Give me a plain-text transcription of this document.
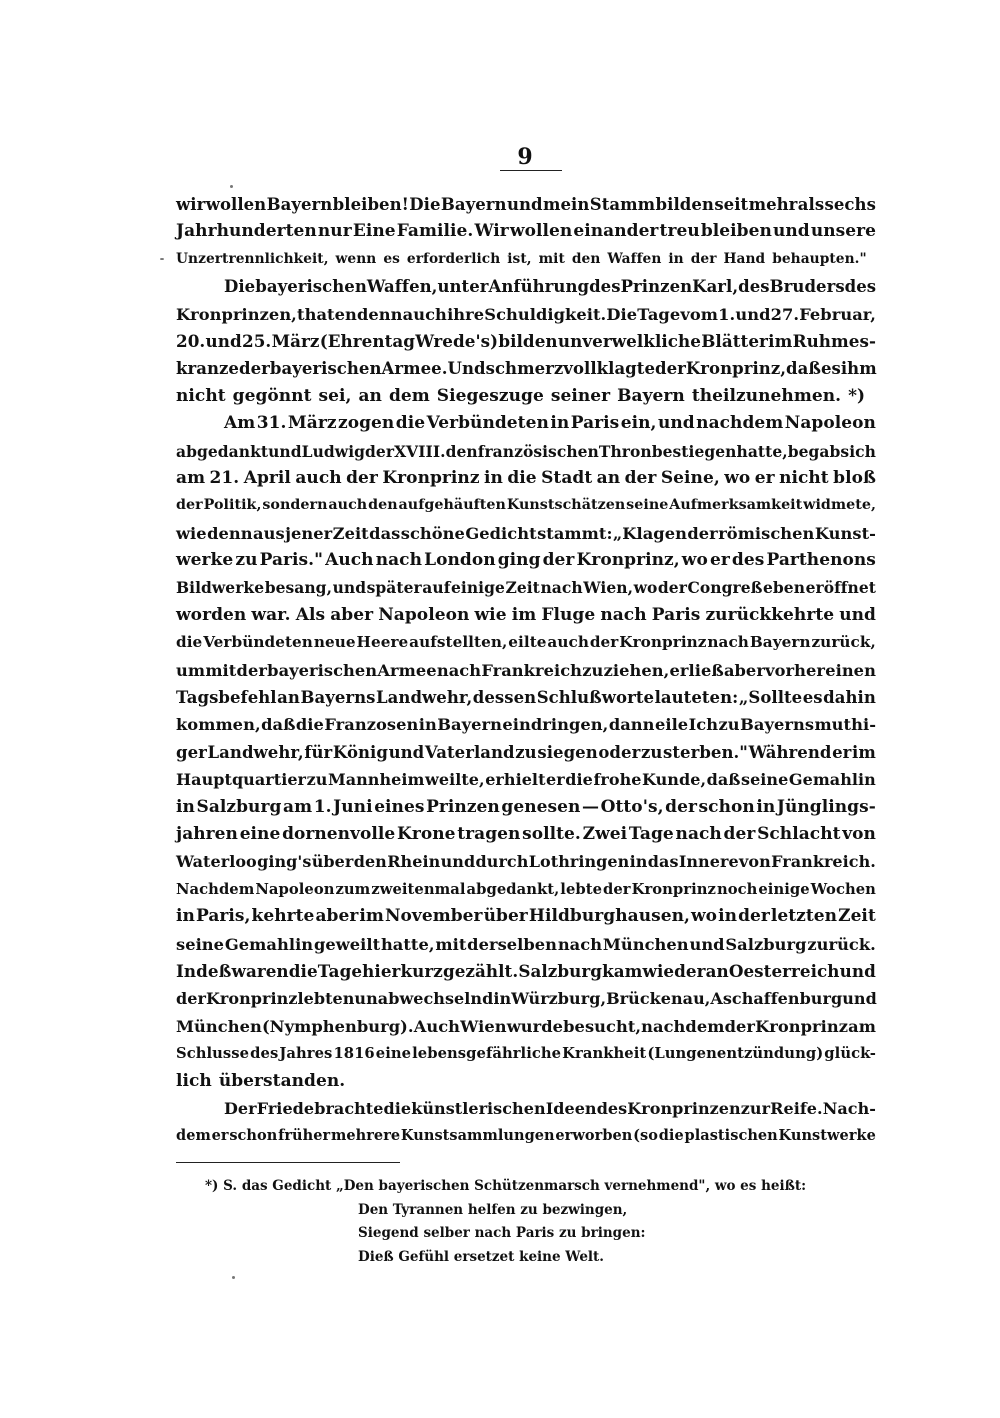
9
wir wollen Bayern bleiben! Die Bayern und mein Stamm bilden seit mehr als sechs
Jahrhunderten nur Eine Familie. Wir wollen einander treu bleiben und unsere
Unzertrennlichkeit, wenn es erforderlich ist, mit den Waffen in der Hand behaupten."
Die bayerischen Waffen, unter Anführung des Prinzen Karl, des Bruders des
Kronprinzen, thaten denn auch ihre Schuldigkeit. Die Tage vom 1. und 27. Februar,
20. und 25. März (Ehrentag Wrede's) bilden unverwelkliche Blätter im Ruhmes-
kranze der bayerischen Armee. Und schmerzvoll klagte der Kronprinz, daß es ihm
nicht gegönnt sei, an dem Siegeszuge seiner Bayern theilzunehmen. *)
Am 31. März zogen die Verbündeten in Paris ein, und nachdem Napoleon
abgedankt und Ludwig der XVIII. den französischen Thron bestiegen hatte, begab sich
am 21. April auch der Kronprinz in die Stadt an der Seine, wo er nicht bloß
der Politik, sondern auch den aufgehäuften Kunstschätzen seine Aufmerksamkeit widmete,
wie denn aus jener Zeit das schöne Gedicht stammt: „Klagen der römischen Kunst-
werke zu Paris." Auch nach London ging der Kronprinz, wo er des Parthenons
Bildwerke besang, und später auf einige Zeit nach Wien, wo der Congreß eben eröffnet
worden war. Als aber Napoleon wie im Fluge nach Paris zurückkehrte und
die Verbündeten neue Heere aufstellten, eilte auch der Kronprinz nach Bayern zurück,
um mit der bayerischen Armee nach Frankreich zu ziehen, erließ aber vorher einen
Tagsbefehl an Bayerns Landwehr, dessen Schlußworte lauteten: „Sollte es dahin
kommen, daß die Franzosen in Bayern eindringen, dann eile Ich zu Bayerns muthi-
ger Landwehr, für König und Vaterland zu siegen oder zu sterben." Während er im
Hauptquartier zu Mannheim weilte, erhielt er die frohe Kunde, daß seine Gemahlin
in Salzburg am 1. Juni eines Prinzen genesen — Otto's, der schon in Jünglings-
jahren eine dornenvolle Krone tragen sollte. Zwei Tage nach der Schlacht von
Waterloo ging's über den Rhein und durch Lothringen in das Innere von Frankreich.
Nachdem Napoleon zum zweitenmal abgedankt, lebte der Kronprinz noch einige Wochen
in Paris, kehrte aber im November über Hildburghausen, wo in der letzten Zeit
seine Gemahlin geweilt hatte, mit derselben nach München und Salzburg zurück.
Indeß waren die Tage hier kurz gezählt. Salzburg kam wieder an Oesterreich und
der Kronprinz lebte nun abwechselnd in Würzburg, Brückenau, Aschaffenburg und
München (Nymphenburg). Auch Wien wurde besucht, nachdem der Kronprinz am
Schlusse des Jahres 1816 eine lebensgefährliche Krankheit (Lungenentzündung) glück-
lich überstanden.
Der Friede brachte die künstlerischen Ideen des Kronprinzen zur Reife. Nach-
dem er schon früher mehrere Kunstsammlungen erworben (so die plastischen Kunstwerke
*) S. das Gedicht „Den bayerischen Schützenmarsch vernehmend", wo es heißt:
Den Tyrannen helfen zu bezwingen,
Siegend selber nach Paris zu bringen:
Dieß Gefühl ersetzet keine Welt.
